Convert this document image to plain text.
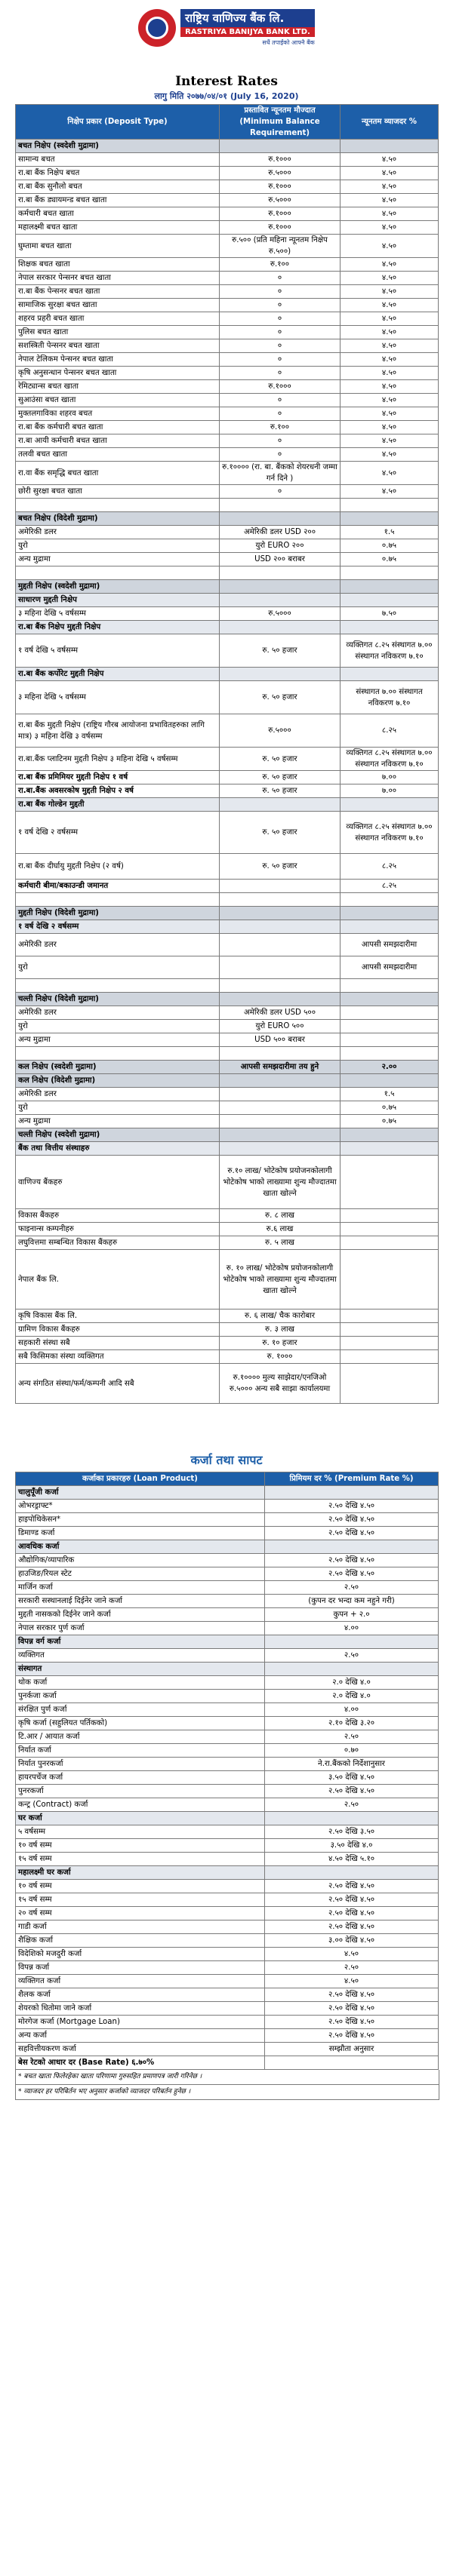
राष्ट्रिय वाणिज्य बैंक लि.
RASTRIYA BANIJYA BANK LTD.
सधैं तपाईंको आफ्नै बैंक
Interest Rates
लागु मिति २०७७/०४/०१ (July 16, 2020)
निक्षेप प्रकार (Deposit Type)	प्रस्तावित न्यूनतम मौज्दात (Minimum Balance Requirement)	न्यूनतम व्याजदर %
बचत निक्षेप (स्वदेशी मुद्रामा)		
सामान्य बचत	रु.१०००	४.५०
रा.बा बैंक निक्षेप बचत	रु.५०००	४.५०
रा.बा बैंक सुनौलो बचत	रु.१०००	४.५०
रा.बा बैंक ड्यायमन्ड बचत खाता	रु.५०००	४.५०
कर्मचारी बचत खाता	रु.१०००	४.५०
महालक्ष्मी बचत खाता	रु.१०००	४.५०
घुम्तामा बचत खाता	रु.५०० (प्रति महिना न्यूनतम निक्षेप रु.५००)	४.५०
शिक्षक बचत खाता	रु.१००	४.५०
नेपाल सरकार पेन्सनर बचत खाता	०	४.५०
रा.बा बैंक पेन्सनर बचत खाता	०	४.५०
सामाजिक सुरक्षा बचत खाता	०	४.५०
शहरव प्रहरी बचत खाता	०	४.५०
पुलिस बचत खाता	०	४.५०
सशस्त्रिती पेन्सनर बचत खाता	०	४.५०
नेपाल टेलिकम पेन्सनर बचत खाता	०	४.५०
कृषि अनुसन्धान पेन्सनर बचत खाता	०	४.५०
रेमिट्यान्स बचत खाता	रु.१०००	४.५०
सुआउंसा बचत खाता	०	४.५०
मुक्तलगाविका शहरव बचत	०	४.५०
रा.बा बैंक कर्मचारी बचत खाता	रु.१००	४.५०
रा.बा आयी कर्मचारी बचत खाता	०	४.५०
तलवी बचत खाता	०	४.५०
रा.वा बैंक समृद्धि बचत खाता	रु.१०००० (रा. बा. बैंकको शेयरधनी जम्मा गर्न दिने )	४.५०
छोरी सुरक्षा बचत खाता	०	४.५०

बचत निक्षेप (विदेशी मुद्रामा)		
अमेरिकी डलर	अमेरिकी डलर USD २००	१.५
युरो	युरो EURO २००	०.७५
अन्य मुद्रामा	USD २०० बराबर	०.७५

मुद्दती निक्षेप (स्वदेशी मुद्रामा)		
साधारण मुद्दती निक्षेप		
३ महिना देखि ५ वर्षसम्म	रु.५०००	७.५०
रा.बा बैंक निक्षेप मुद्दती निक्षेप		
१ वर्ष देखि ५ वर्षसम्म	रु. ५० हजार	व्यक्तिगत ८.२५ संस्थागत ७.०० संस्थागत नविकरण ७.१०
रा.बा बैंक कर्पोरेट मुद्दती निक्षेप		
३ महिना देखि ५ वर्षसम्म	रु. ५० हजार	संस्थागत ७.०० संस्थागत नविकरण ७.१०
रा.बा बैंक मुद्दती निक्षेप (राष्ट्रिय गौरब आयोजना प्रभावितहरुका लागि मात्र) ३ महिना देखि ३ वर्षसम्म	रु.५०००	८.२५
रा.बा.बैंक प्लाटिनम मुद्दती निक्षेप ३ महिना देखि ५ वर्षसम्म	रु. ५० हजार	व्यक्तिगत ८.२५ संस्थागत ७.०० संस्थागत नविकरण ७.१०
रा.बा बैंक प्रमिमियर मुद्दती निक्षेप १ वर्ष	रु. ५० हजार	७.००
रा.बा.बैंक अवसरकोष मुद्दती निक्षेप २ वर्ष	रु. ५० हजार	७.००
रा.बा बैंक गोल्डेन मुद्दती		
१ वर्ष देखि २ वर्षसम्म	रु. ५० हजार	व्यक्तिगत ८.२५ संस्थागत ७.०० संस्थागत नविकरण ७.१०
रा.बा बैंक दीर्घायु मुद्दती निक्षेप (२ वर्ष)	रु. ५० हजार	८.२५
कर्मचारी बीमा/बकाउन्डी जमानत		८.२५

मुद्दती निक्षेप (विदेशी मुद्रामा)		
१ वर्ष देखि २ वर्षसम्म		
अमेरिकी डलर		आपसी समझदारीमा
युरो		आपसी समझदारीमा

चल्ती निक्षेप (विदेशी मुद्रामा)		
अमेरिकी डलर	अमेरिकी डलर USD ५००	
युरो	युरो EURO ५००	
अन्य मुद्रामा	USD ५०० बराबर	

कल निक्षेप (स्वदेशी मुद्रामा)	आपसी समझदारीमा तय हुने	२.००
कल निक्षेप (विदेशी मुद्रामा)		
अमेरिकी डलर		१.५
युरो		०.७५
अन्य मुद्रामा		०.७५
चल्ती निक्षेप (स्वदेशी मुद्रामा)		
बैंक तथा वित्तीय संस्थाहरु		
वाणिज्य बैंकहरु	रु.१० लाख/ भोटेकोष प्रयोजनकोलागी भोटेकोष भाको लाख्यामा शुन्य मौज्दातमा खाता खोल्ने	
विकास बैंकहरु	रु. ८ लाख	
फाइनान्स कम्पनीहरु	रु.६ लाख	
लघुवित्तमा सम्बन्धित विकास बैंकहरु	रु. ५ लाख	
नेपाल बैंक लि.	रु. १० लाख/ भोटेकोष प्रयोजनकोलागी भोटेकोष भाको लाख्यामा शुन्य मौज्दातमा खाता खोल्ने	
कृषि विकास बैंक लि.	रु. ६ लाख/ चैक कारोबार	
ग्रामिण विकास बैंकहरु	रु. ३ लाख	
सहकारी संस्था सबै	रु. १० हजार	
सबै किसिमका संस्था व्यक्तिगत	रु. १०००	
अन्य संगठित संस्था/फर्म/कम्पनी आदि सबै	रु.१०००० मुल्य साझेदार/एनजिओ रु.५००० अन्य सबै साझा कार्यालयमा	
कर्जा तथा सापट
कर्जाका प्रकारहरु (Loan Product)	प्रिमियम दर % (Premium Rate %)
चालुपूँजी कर्जा	
ओभरड्राफ्ट*	२.५० देखि ४.५०
हाइपोथिकेसन*	२.५० देखि ४.५०
डिमाण्ड कर्जा	२.५० देखि ४.५०
आवधिक कर्जा	
औद्योगिक/व्यापारिक	२.५० देखि ४.५०
हाउजिङ/रियल स्टेट	२.५० देखि ४.५०
मार्जिन कर्जा	२.५०
सरकारी सस्थानलाई दिईनेर जाने कर्जा	(कुपन दर भन्दा कम नहुने गरी)
मुद्दती नासकको दिईनेर जाने कर्जा	कुपन + २.०
नेपाल सरकार पुर्ण कर्जा	४.००
विपन्न वर्ग कर्जा	
व्यक्तिगत	२.५०
संस्थागत	
थोक कर्जा	२.० देखि ४.०
पुनर्कजा कर्जा	२.० देखि ४.०
संरक्षित पुर्ण कर्जा	४.००
कृषि कर्जा (सहुलियत पर्तिकको)	२.१० देखि ३.२०
टि.आर / आयात कर्जा	२.५०
निर्यात कर्जा	०.७०
निर्यात पुनरकर्जा	ने.रा.बैंकको निर्देशानुसार
हायरपर्चेज कर्जा	३.५० देखि ४.५०
पुनरकर्जा	२.५० देखि ४.५०
कन्ट्र (Contract) कर्जा	२.५०
घर कर्जा	
५ वर्षसम्म	२.५० देखि ३.५०
१० वर्ष सम्म	३.५० देखि ४.०
१५ वर्ष सम्म	४.५० देखि ५.१०
महालक्ष्मी घर कर्जा	
१० वर्ष सम्म	२.५० देखि ४.५०
१५ वर्ष सम्म	२.५० देखि ४.५०
२० वर्ष सम्म	२.५० देखि ४.५०
गाडी कर्जा	२.५० देखि ४.५०
शैक्षिक कर्जा	३.०० देखि ४.५०
विदेशिको मजदुरी कर्जा	४.५०
विपन्न कर्जा	२.५०
व्यक्तिगत कर्जा	४.५०
शैलक कर्जा	२.५० देखि ४.५०
शेयरको धितोमा जाने कर्जा	२.५० देखि ४.५०
मोरगेज कर्जा (Mortgage Loan)	२.५० देखि ४.५०
अन्य कर्जा	२.५० देखि ४.५०
सहवित्तीयकरण कर्जा	सम्झौता अनुसार
बेस रेटको आधार दर (Base Rate) ६.७०%	
* बचत खाता फिलेरहेका खाता परिणामा गुरुसहित प्रमाणपत्र जारी गरिनेछ ।
* व्याजदर हर परिबिर्तन भए अनुसार कर्जाको व्याजदर परिबर्तन हुनेछ ।
